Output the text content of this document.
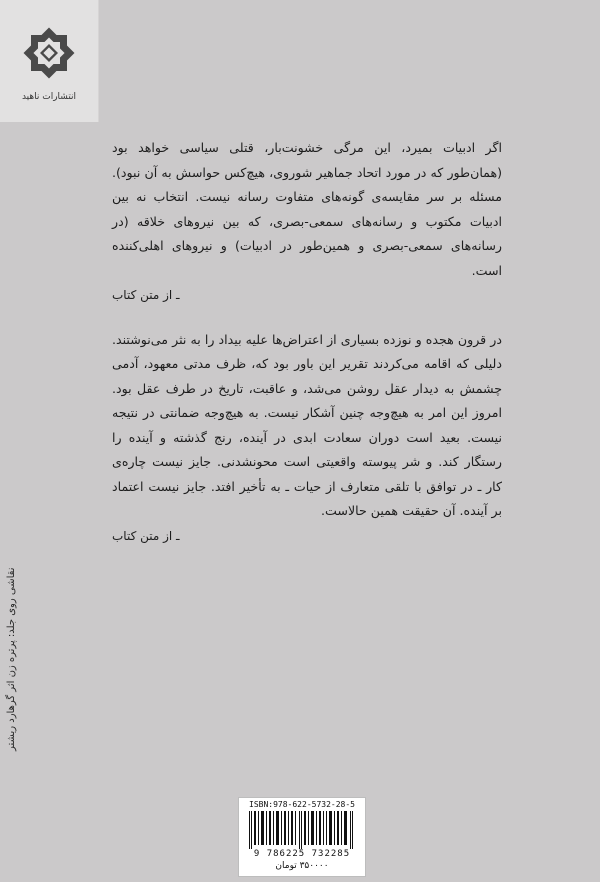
انتشارات ناهید

اگر ادبیات بمیرد، این مرگی خشونت‌بار، قتلی سیاسی خواهد بود (همان‌طور که در مورد اتحاد جماهیر شوروی، هیچ‌کس حواسش به آن نبود). مسئله بر سر مقایسه‌ی گونه‌های متفاوت رسانه نیست. انتخاب نه بین ادبیات مکتوب و رسانه‌های سمعی-بصری، که بین نیروهای خلاقه (در رسانه‌های سمعی-بصری و همین‌طور در ادبیات) و نیروهای اهلی‌کننده است.

ـ از متن کتاب

در قرون هجده و نوزده بسیاری از اعتراض‌ها علیه بیداد را به نثر می‌نوشتند. دلیلی که اقامه می‌کردند تقریر این باور بود که، ظرف مدتی معهود، آدمی چشمش به دیدار عقل روشن می‌شد، و عاقبت، تاریخ در طرف عقل بود. امروز این امر به هیچ‌وجه چنین آشکار نیست. به هیچ‌وجه ضمانتی در نتیجه نیست. بعید است دوران سعادت ابدی در آینده، رنج گذشته و آینده را رستگار کند. و شر پیوسته واقعیتی است محونشدنی. جایز نیست چاره‌ی کار ـ در توافق با تلقی متعارف از حیات ـ به تأخیر افتد. جایز نیست اعتماد بر آینده. آن حقیقت همین حالاست.

ـ از متن کتاب

نقاشی روی جلد: پرتره زن اثر گرهارد ریشتر
ISBN:978-622-5732-28-5
9 786225 732285
۳۵۰۰۰۰ تومان
